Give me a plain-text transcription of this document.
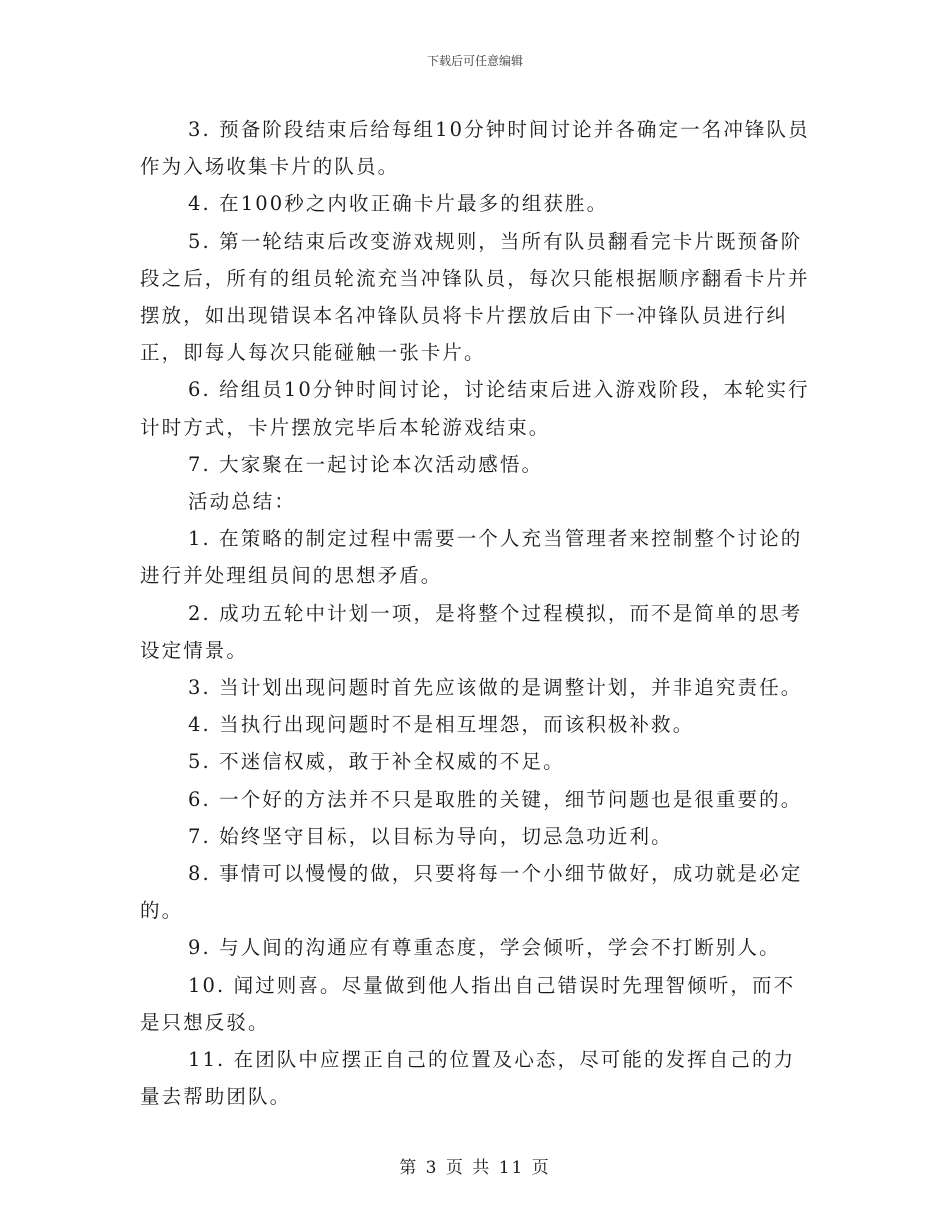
下载后可任意编辑

3. 预备阶段结束后给每组10分钟时间讨论并各确定一名冲锋队员作为入场收集卡片的队员。

4. 在100秒之内收正确卡片最多的组获胜。

5. 第一轮结束后改变游戏规则，当所有队员翻看完卡片既预备阶段之后，所有的组员轮流充当冲锋队员，每次只能根据顺序翻看卡片并摆放，如出现错误本名冲锋队员将卡片摆放后由下一冲锋队员进行纠正，即每人每次只能碰触一张卡片。

6. 给组员10分钟时间讨论，讨论结束后进入游戏阶段，本轮实行计时方式，卡片摆放完毕后本轮游戏结束。

7. 大家聚在一起讨论本次活动感悟。

活动总结：

1. 在策略的制定过程中需要一个人充当管理者来控制整个讨论的进行并处理组员间的思想矛盾。

2. 成功五轮中计划一项，是将整个过程模拟，而不是简单的思考设定情景。

3. 当计划出现问题时首先应该做的是调整计划，并非追究责任。

4. 当执行出现问题时不是相互埋怨，而该积极补救。

5. 不迷信权威，敢于补全权威的不足。

6. 一个好的方法并不只是取胜的关键，细节问题也是很重要的。

7. 始终坚守目标，以目标为导向，切忌急功近利。

8. 事情可以慢慢的做，只要将每一个小细节做好，成功就是必定的。

9. 与人间的沟通应有尊重态度，学会倾听，学会不打断别人。

10. 闻过则喜。尽量做到他人指出自己错误时先理智倾听，而不是只想反驳。

11. 在团队中应摆正自己的位置及心态，尽可能的发挥自己的力量去帮助团队。

第 3 页 共 11 页
